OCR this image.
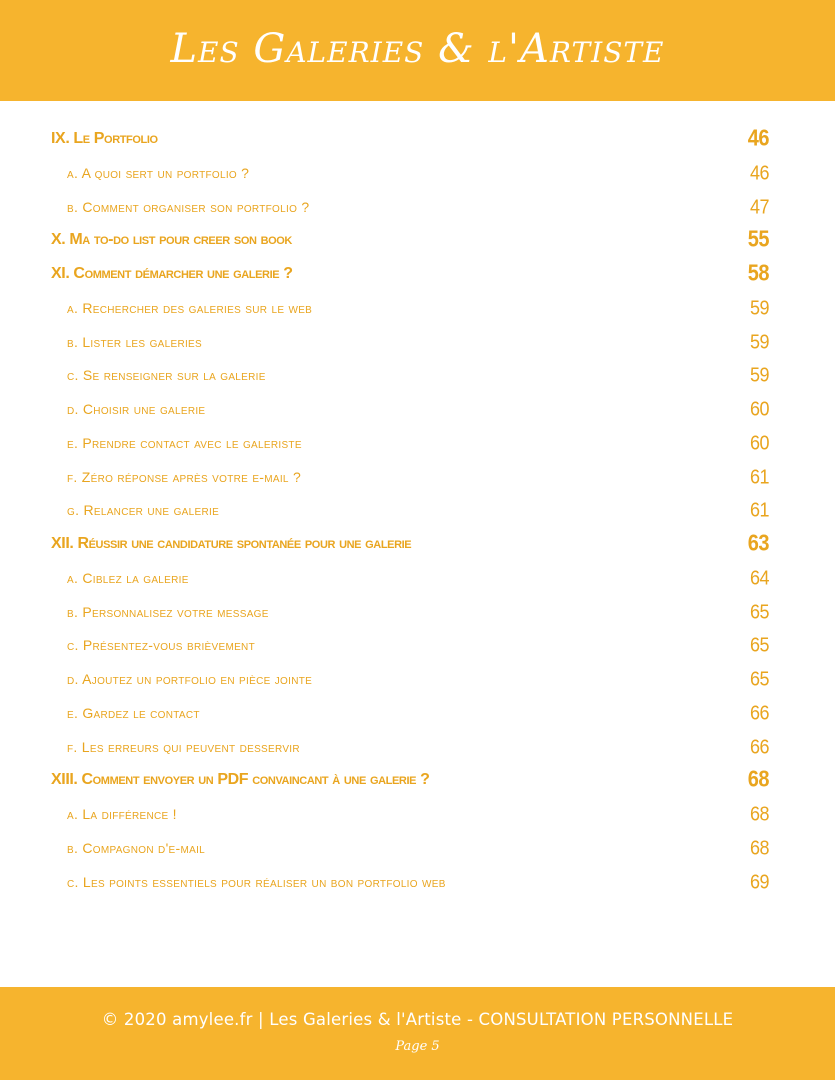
Les Galeries & l'Artiste
IX. Le Portfolio	46
a. A quoi sert un portfolio ?	46
b. Comment organiser son portfolio ?	47
X. Ma to-do list pour creer son book	55
XI. Comment démarcher une galerie ?	58
a. Rechercher des galeries sur le web	59
b. Lister les galeries	59
c. Se renseigner sur la galerie	59
d. Choisir une galerie	60
e. Prendre contact avec le galeriste	60
f. Zéro réponse après votre e-mail ?	61
g. Relancer une galerie	61
XII. Réussir une candidature spontanée pour une galerie	63
a. Ciblez la galerie	64
b. Personnalisez votre message	65
c. Présentez-vous brièvement	65
d. Ajoutez un portfolio en pièce jointe	65
e. Gardez le contact	66
f. Les erreurs qui peuvent desservir	66
XIII. Comment envoyer un PDF convaincant à une galerie ?	68
a. La différence !	68
b. Compagnon d'e-mail	68
c. Les points essentiels pour réaliser un bon portfolio web	69
© 2020 amylee.fr | Les Galeries & l'Artiste - CONSULTATION PERSONNELLE
Page 5
